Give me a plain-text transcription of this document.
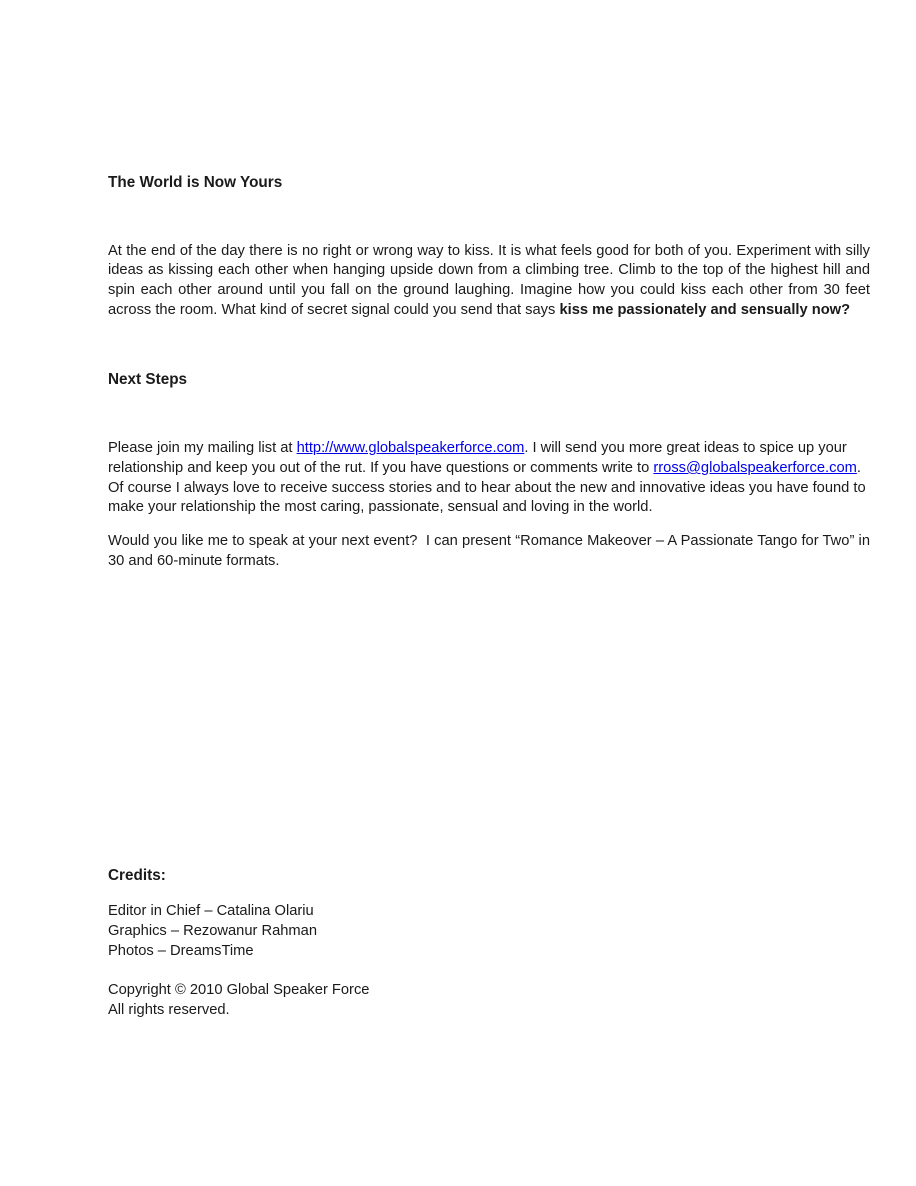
The World is Now Yours

At the end of the day there is no right or wrong way to kiss. It is what feels good for both of you. Experiment with silly ideas as kissing each other when hanging upside down from a climbing tree. Climb to the top of the highest hill and spin each other around until you fall on the ground laughing. Imagine how you could kiss each other from 30 feet across the room. What kind of secret signal could you send that says kiss me passionately and sensually now?

Next Steps

Please join my mailing list at http://www.globalspeakerforce.com. I will send you more great ideas to spice up your relationship and keep you out of the rut. If you have questions or comments write to rross@globalspeakerforce.com.  Of course I always love to receive success stories and to hear about the new and innovative ideas you have found to make your relationship the most caring, passionate, sensual and loving in the world.

Would you like me to speak at your next event?  I can present “Romance Makeover – A Passionate Tango for Two” in 30 and 60-minute formats.

Credits:
Editor in Chief – Catalina Olariu
Graphics – Rezowanur Rahman
Photos – DreamsTime
Copyright © 2010 Global Speaker Force
All rights reserved.
